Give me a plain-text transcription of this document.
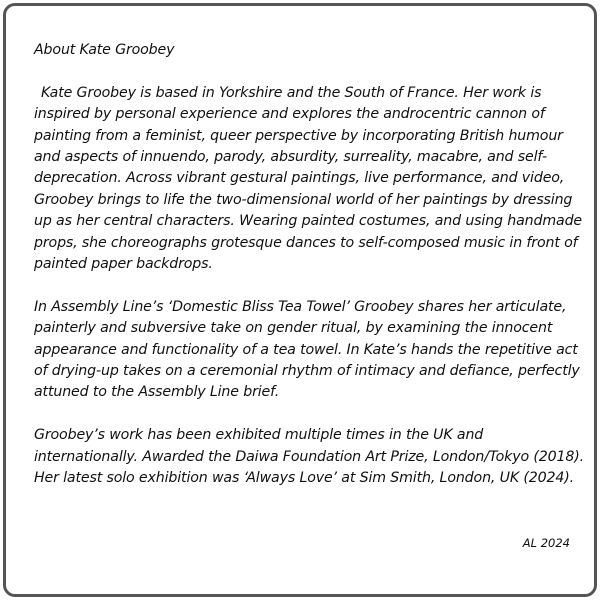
About Kate Groobey

Kate Groobey is based in Yorkshire and the South of France. Her work is inspired by personal experience and explores the androcentric cannon of painting from a feminist, queer perspective by incorporating British humour and aspects of innuendo, parody, absurdity, surreality, macabre, and self-deprecation. Across vibrant gestural paintings, live performance, and video, Groobey brings to life the two-dimensional world of her paintings by dressing up as her central characters. Wearing painted costumes, and using handmade props, she choreographs grotesque dances to self-composed music in front of painted paper backdrops.

In Assembly Line’s ‘Domestic Bliss Tea Towel’ Groobey shares her articulate, painterly and subversive take on gender ritual, by examining the innocent appearance and functionality of a tea towel. In Kate’s hands the repetitive act of drying-up takes on a ceremonial rhythm of intimacy and defiance, perfectly attuned to the Assembly Line brief.

Groobey’s work has been exhibited multiple times in the UK and internationally. Awarded the Daiwa Foundation Art Prize, London/Tokyo (2018). Her latest solo exhibition was ‘Always Love’ at Sim Smith, London, UK (2024).

AL 2024
